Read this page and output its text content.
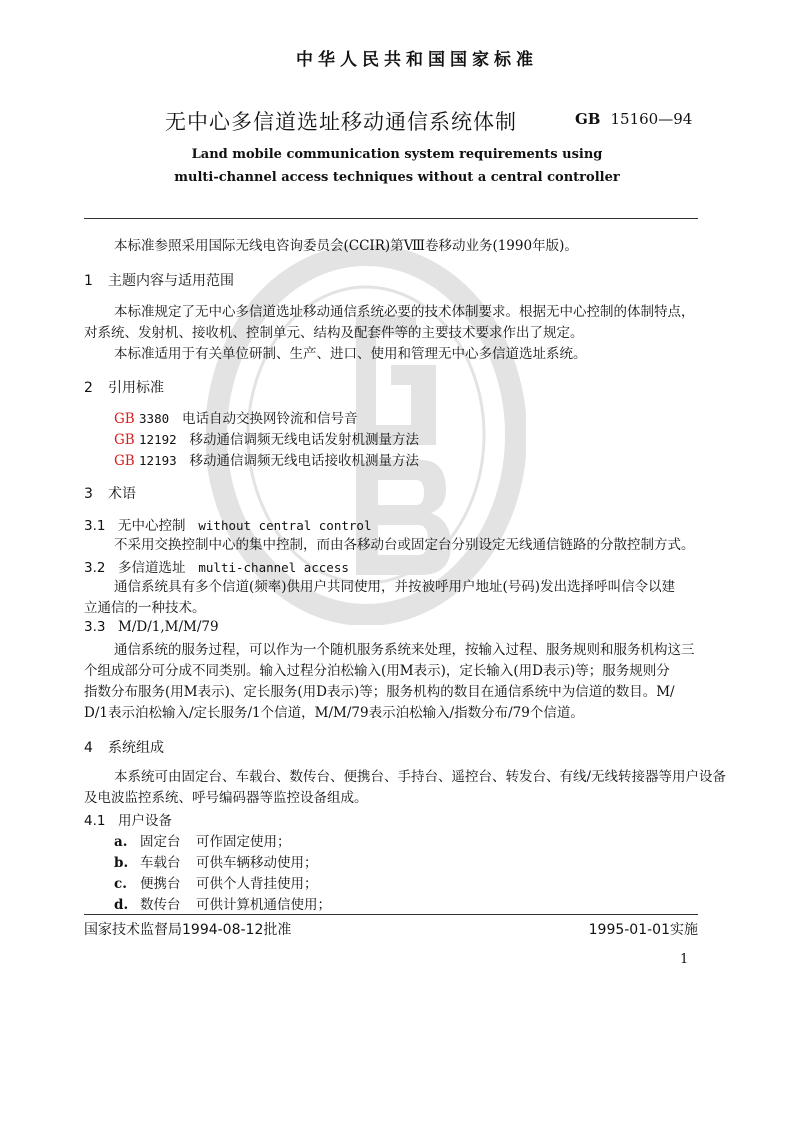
中华人民共和国国家标准
无中心多信道选址移动通信系统体制	GB 15160—94
Land mobile communication system requirements using
multi-channel access techniques without a central controller
本标准参照采用国际无线电咨询委员会(CCIR)第Ⅷ卷移动业务(1990年版)。
1 主题内容与适用范围
本标准规定了无中心多信道选址移动通信系统必要的技术体制要求。根据无中心控制的体制特点，
对系统、发射机、接收机、控制单元、结构及配套件等的主要技术要求作出了规定。
本标准适用于有关单位研制、生产、进口、使用和管理无中心多信道选址系统。
2 引用标准
GB 3380 电话自动交换网铃流和信号音
GB 12192 移动通信调频无线电话发射机测量方法
GB 12193 移动通信调频无线电话接收机测量方法
3 术语
3.1 无中心控制 without central control
不采用交换控制中心的集中控制，而由各移动台或固定台分别设定无线通信链路的分散控制方式。
3.2 多信道选址 multi-channel access
通信系统具有多个信道(频率)供用户共同使用，并按被呼用户地址(号码)发出选择呼叫信令以建
立通信的一种技术。
3.3 M/D/1,M/M/79
通信系统的服务过程，可以作为一个随机服务系统来处理，按输入过程、服务规则和服务机构这三
个组成部分可分成不同类别。输入过程分泊松输入(用M表示)，定长输入(用D表示)等；服务规则分
指数分布服务(用M表示)、定长服务(用D表示)等；服务机构的数目在通信系统中为信道的数目。M/
D/1表示泊松输入/定长服务/1个信道，M/M/79表示泊松输入/指数分布/79个信道。
4 系统组成
本系统可由固定台、车载台、数传台、便携台、手持台、遥控台、转发台、有线/无线转接器等用户设备
及电波监控系统、呼号编码器等监控设备组成。
4.1 用户设备
a. 固定台 可作固定使用；
b. 车载台 可供车辆移动使用；
c. 便携台 可供个人背挂使用；
d. 数传台 可供计算机通信使用；
国家技术监督局1994-08-12批准	1995-01-01实施
1
